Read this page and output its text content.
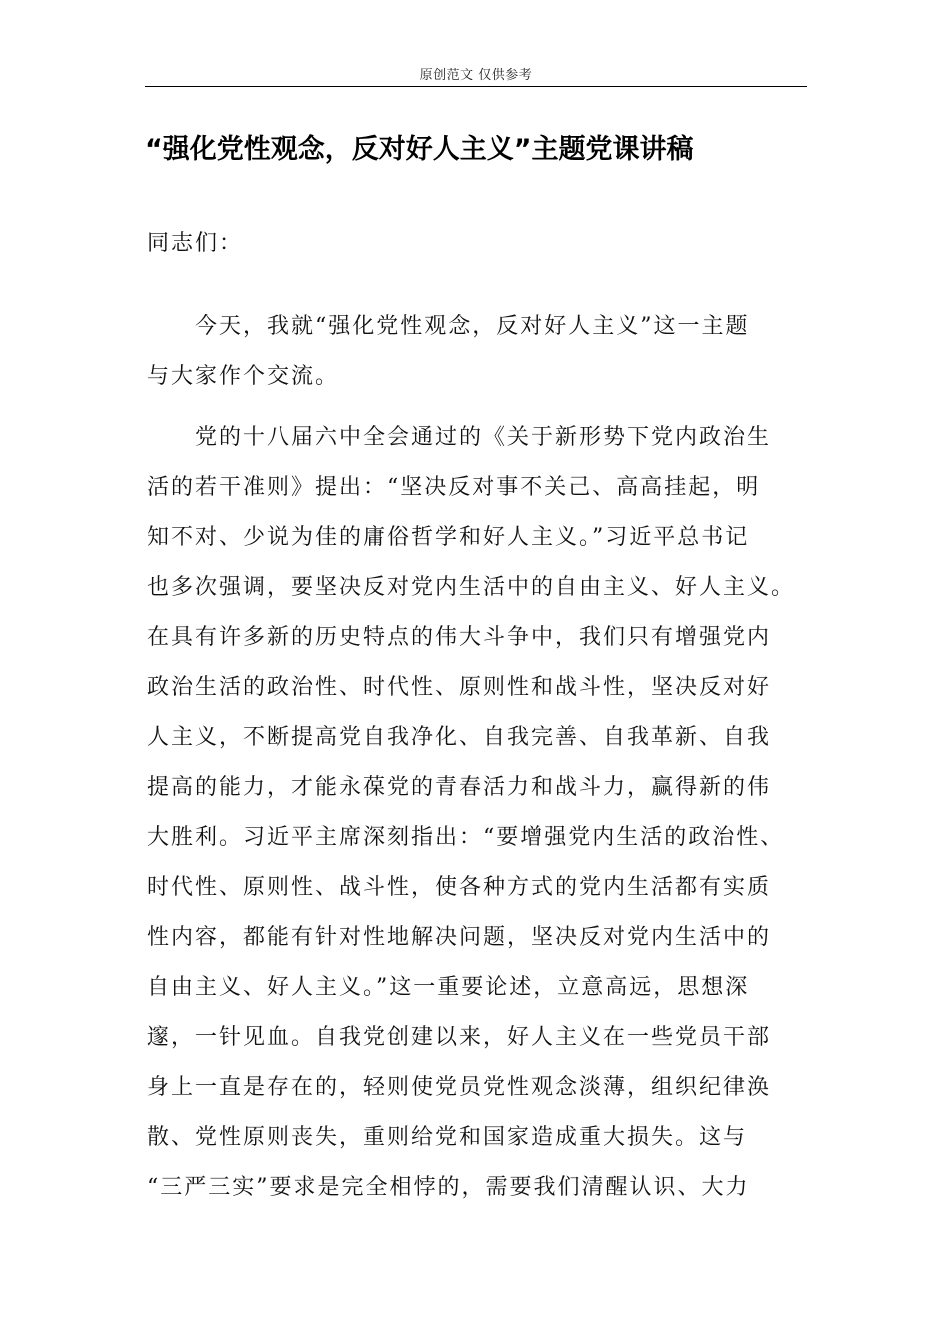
原创范文 仅供参考
“强化党性观念，反对好人主义”主题党课讲稿
同志们：
　　今天，我就“强化党性观念，反对好人主义”这一主题
与大家作个交流。
　　党的十八届六中全会通过的《关于新形势下党内政治生
活的若干准则》提出：“坚决反对事不关己、高高挂起，明
知不对、少说为佳的庸俗哲学和好人主义。”习近平总书记
也多次强调，要坚决反对党内生活中的自由主义、好人主义。
在具有许多新的历史特点的伟大斗争中，我们只有增强党内
政治生活的政治性、时代性、原则性和战斗性，坚决反对好
人主义，不断提高党自我净化、自我完善、自我革新、自我
提高的能力，才能永葆党的青春活力和战斗力，赢得新的伟
大胜利。习近平主席深刻指出：“要增强党内生活的政治性、
时代性、原则性、战斗性，使各种方式的党内生活都有实质
性内容，都能有针对性地解决问题，坚决反对党内生活中的
自由主义、好人主义。”这一重要论述，立意高远，思想深
邃，一针见血。自我党创建以来，好人主义在一些党员干部
身上一直是存在的，轻则使党员党性观念淡薄，组织纪律涣
散、党性原则丧失，重则给党和国家造成重大损失。这与
“三严三实”要求是完全相悖的，需要我们清醒认识、大力
